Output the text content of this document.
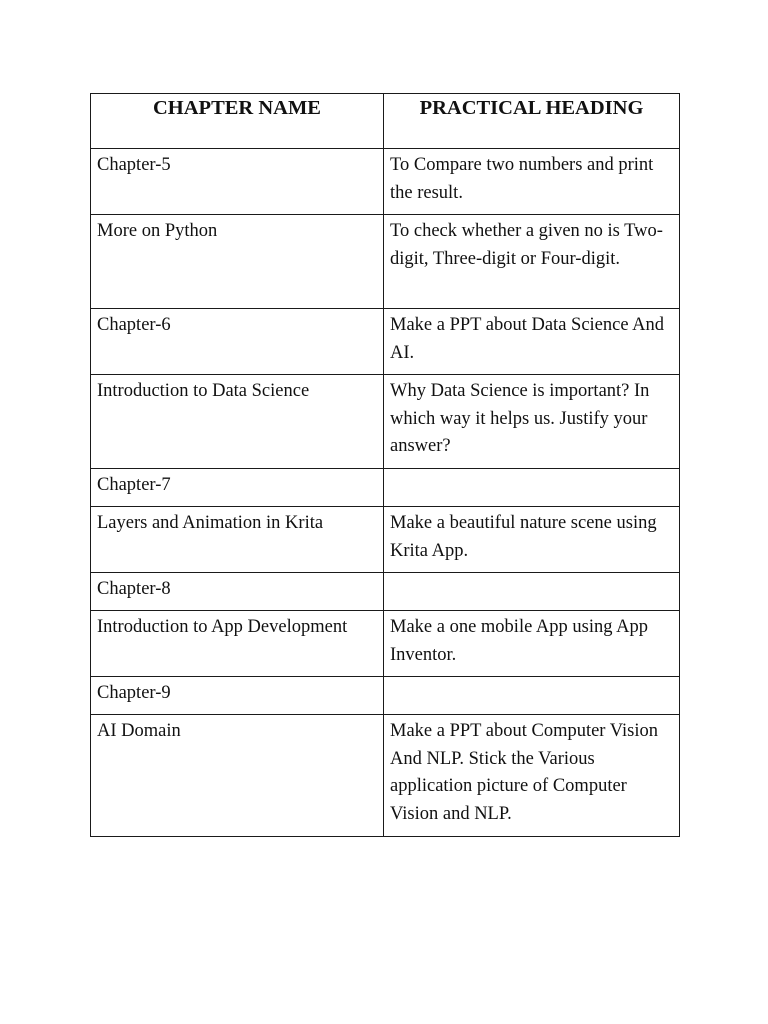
CHAPTER NAME	PRACTICAL HEADING
Chapter-5	To Compare two numbers and print the result.
More on Python	To check whether a given no is Two-digit, Three-digit or Four-digit.
Chapter-6	Make a PPT about Data Science And AI.
Introduction to Data Science	Why Data Science is important? In which way it helps us. Justify your answer?
Chapter-7	
Layers and Animation in Krita	Make a beautiful nature scene using Krita App.
Chapter-8	
Introduction to App Development	Make a one mobile App using App Inventor.
Chapter-9	
AI Domain	Make a PPT about Computer Vision And NLP. Stick the Various application picture of Computer Vision and NLP.
